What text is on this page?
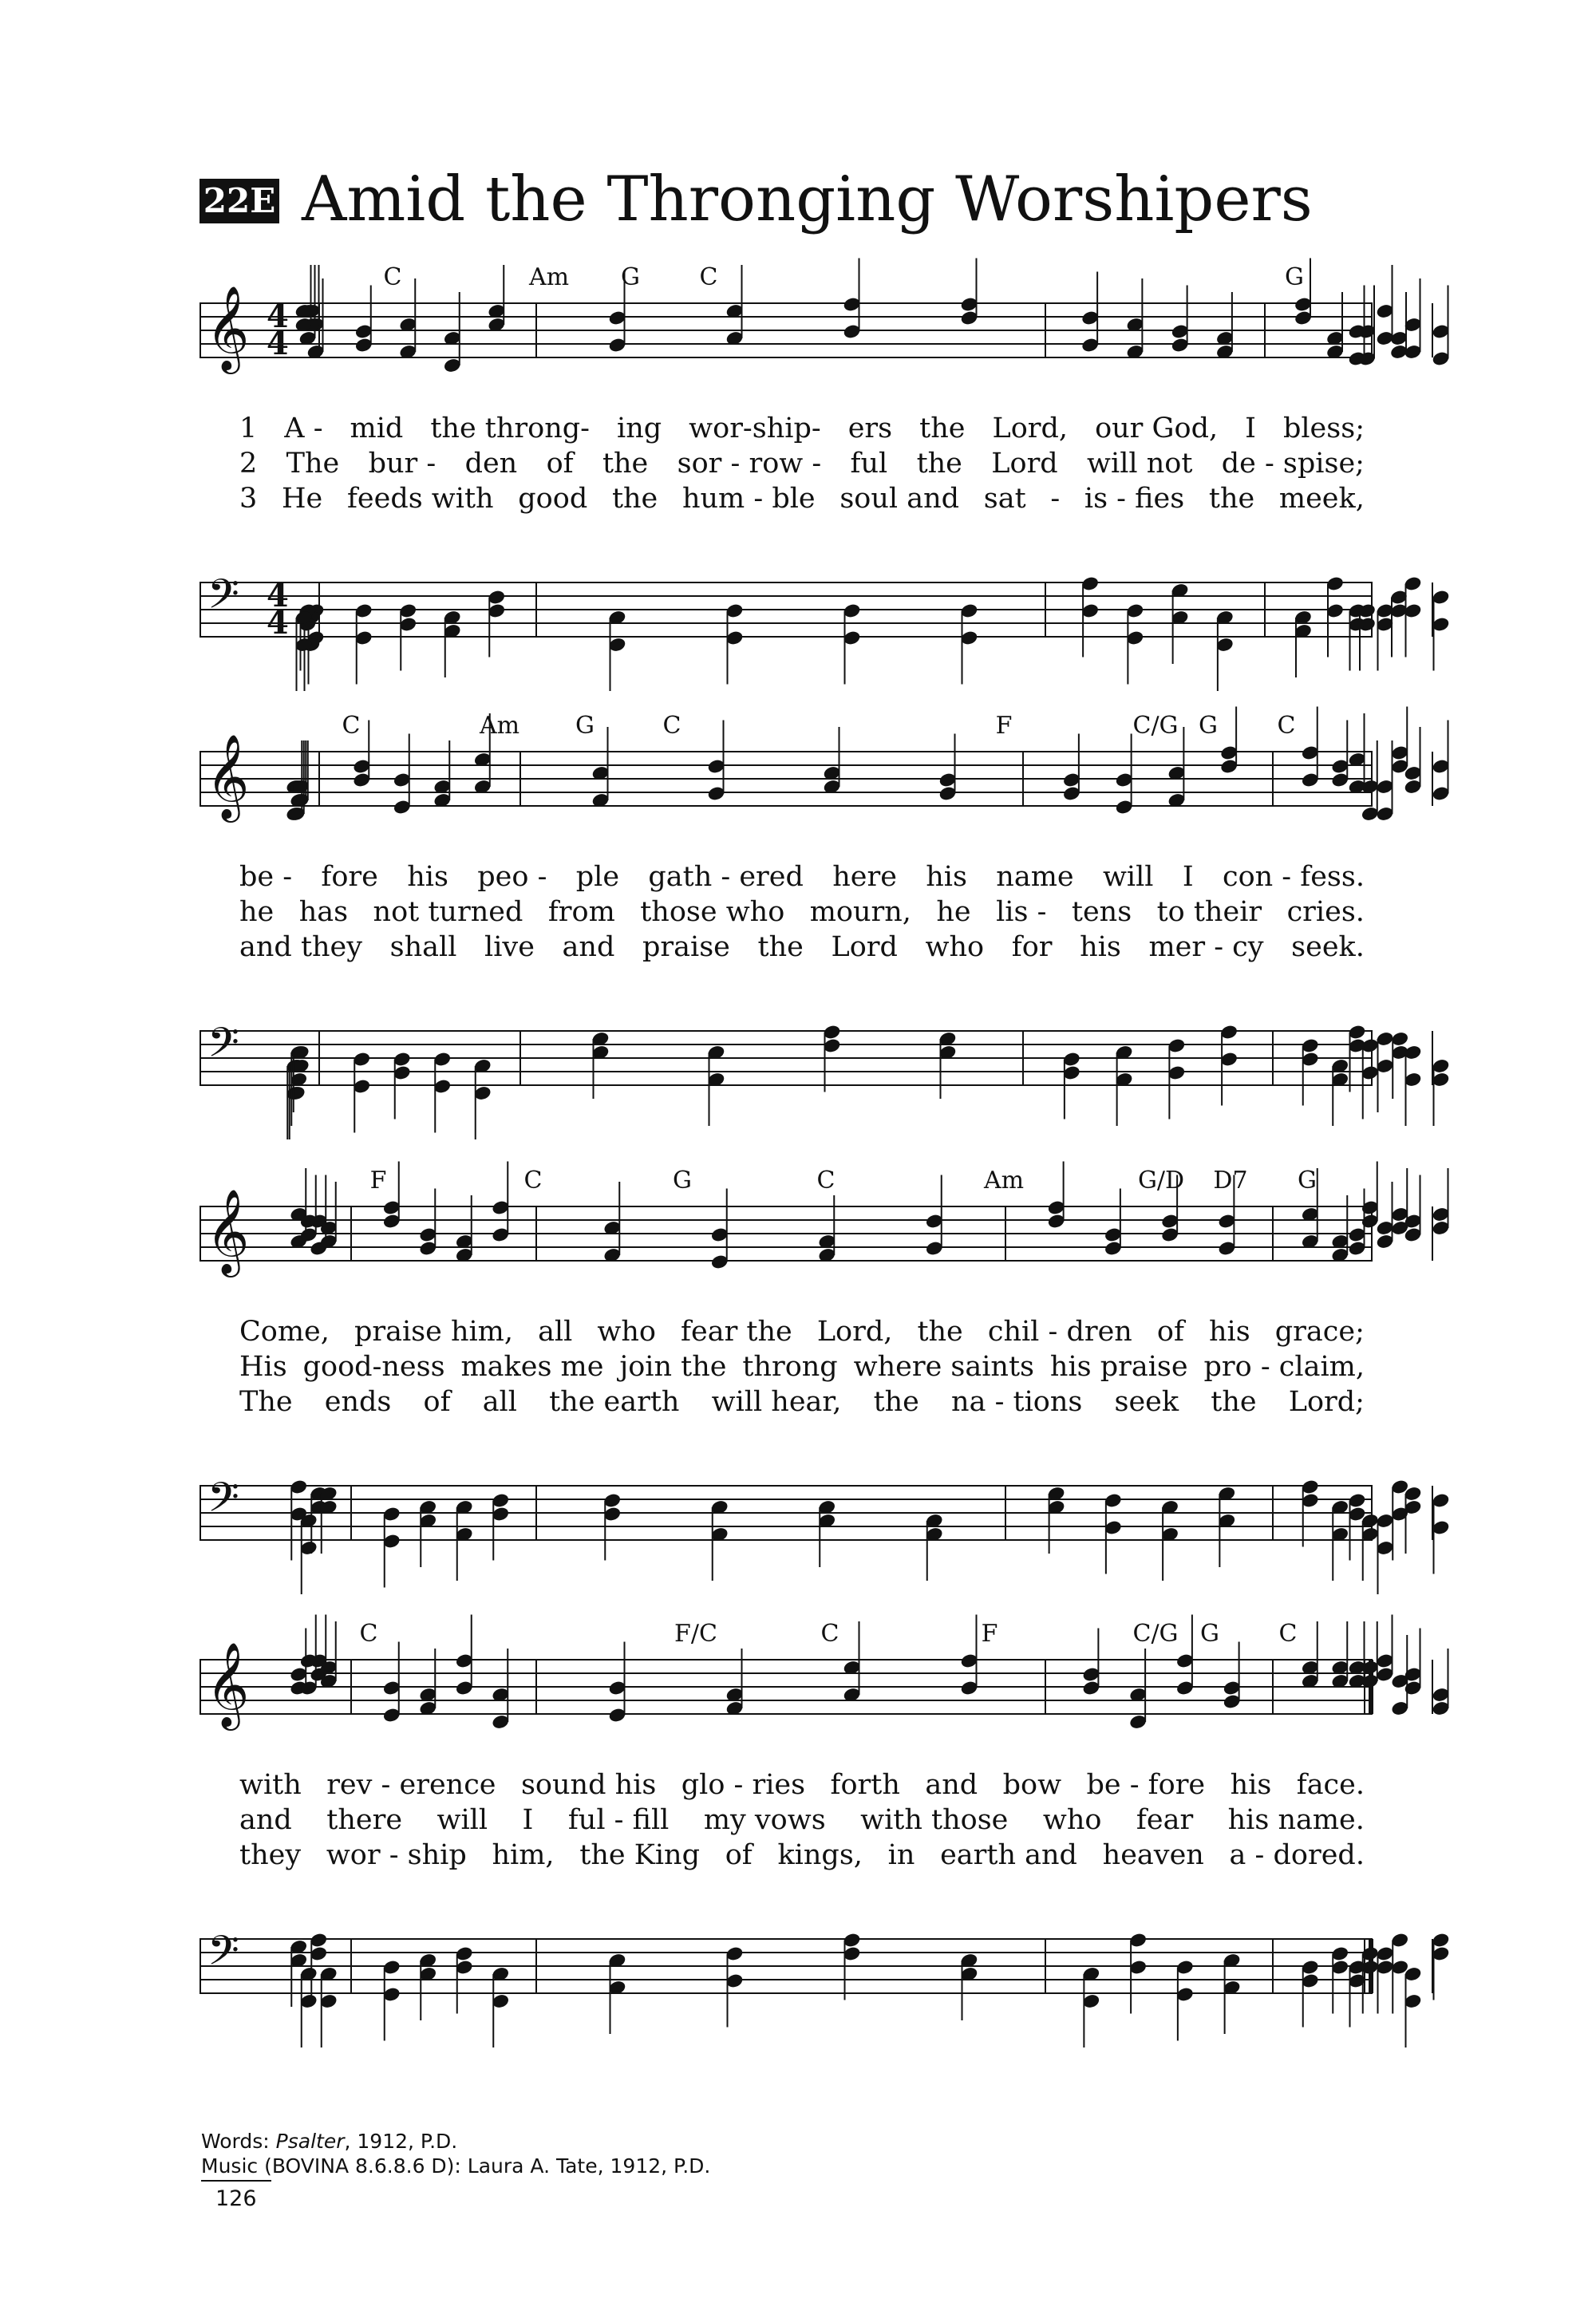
22E Amid the Thronging Worshipers
C	Am G C	G
𝄞 4
4
1 A - mid the throng- ing wor-ship- ers the Lord, our God, I bless;
2 The bur - den of the sor - row - ful the Lord will not de - spise;
3 He feeds with good the hum - ble soul and sat - is - fies the meek,
𝄢 4
4
C	Am G	C	F	C/G G C
𝄞
be - fore his peo - ple gath - ered here his name will I con - fess.
he has not turned from those who mourn, he lis - tens to their cries.
and they shall live and praise the Lord who for his mer - cy seek.
𝄢
F	C	G	C	Am	G/D D7 G
𝄞
Come, praise him, all who fear the Lord, the chil - dren of his grace;
His good-ness makes me join the throng where saints his praise pro - claim,
The ends of all the earth will hear, the na - tions seek the Lord;
𝄢
C	F/C	C	F	C/G G C
𝄞
with rev - erence sound his glo - ries forth and bow be - fore his face.
and there will I ful - fill my vows with those who fear his name.
they wor - ship him, the King of kings, in earth and heaven a - dored.
𝄢
Words: Psalter, 1912, P.D.
Music (BOVINA 8.6.8.6 D): Laura A. Tate, 1912, P.D.
126
